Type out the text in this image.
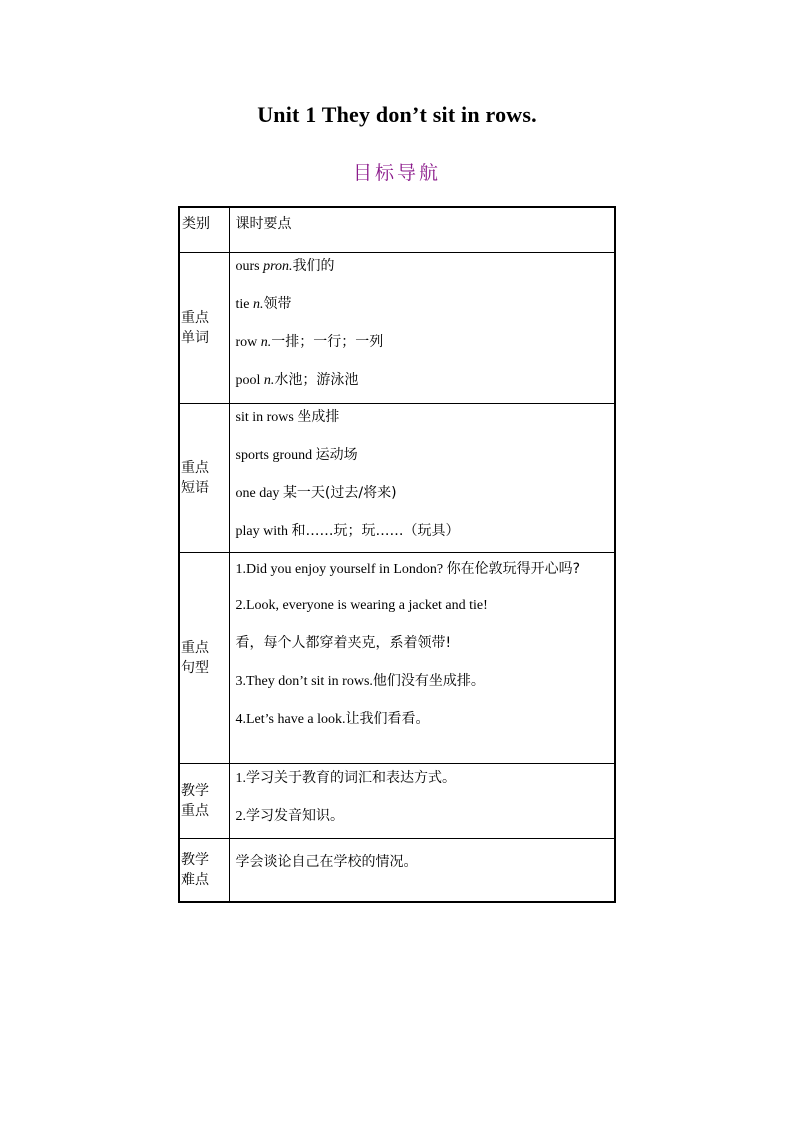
Unit 1 They don’t sit in rows.
目标导航
类别	课时要点

重点单词	ours pron.我们的
tie n.领带
row n.一排；一行；一列
pool n.水池；游泳池

重点短语	sit in rows 坐成排
sports ground 运动场
one day 某一天(过去/将来)
play with 和……玩；玩……（玩具）

重点句型	1.Did you enjoy yourself in London? 你在伦敦玩得开心吗?
2.Look, everyone is wearing a jacket and tie!
看，每个人都穿着夹克，系着领带!
3.They don’t sit in rows.他们没有坐成排。
4.Let’s have a look.让我们看看。

教学重点	1.学习关于教育的词汇和表达方式。
2.学习发音知识。

教学难点	学会谈论自己在学校的情况。
